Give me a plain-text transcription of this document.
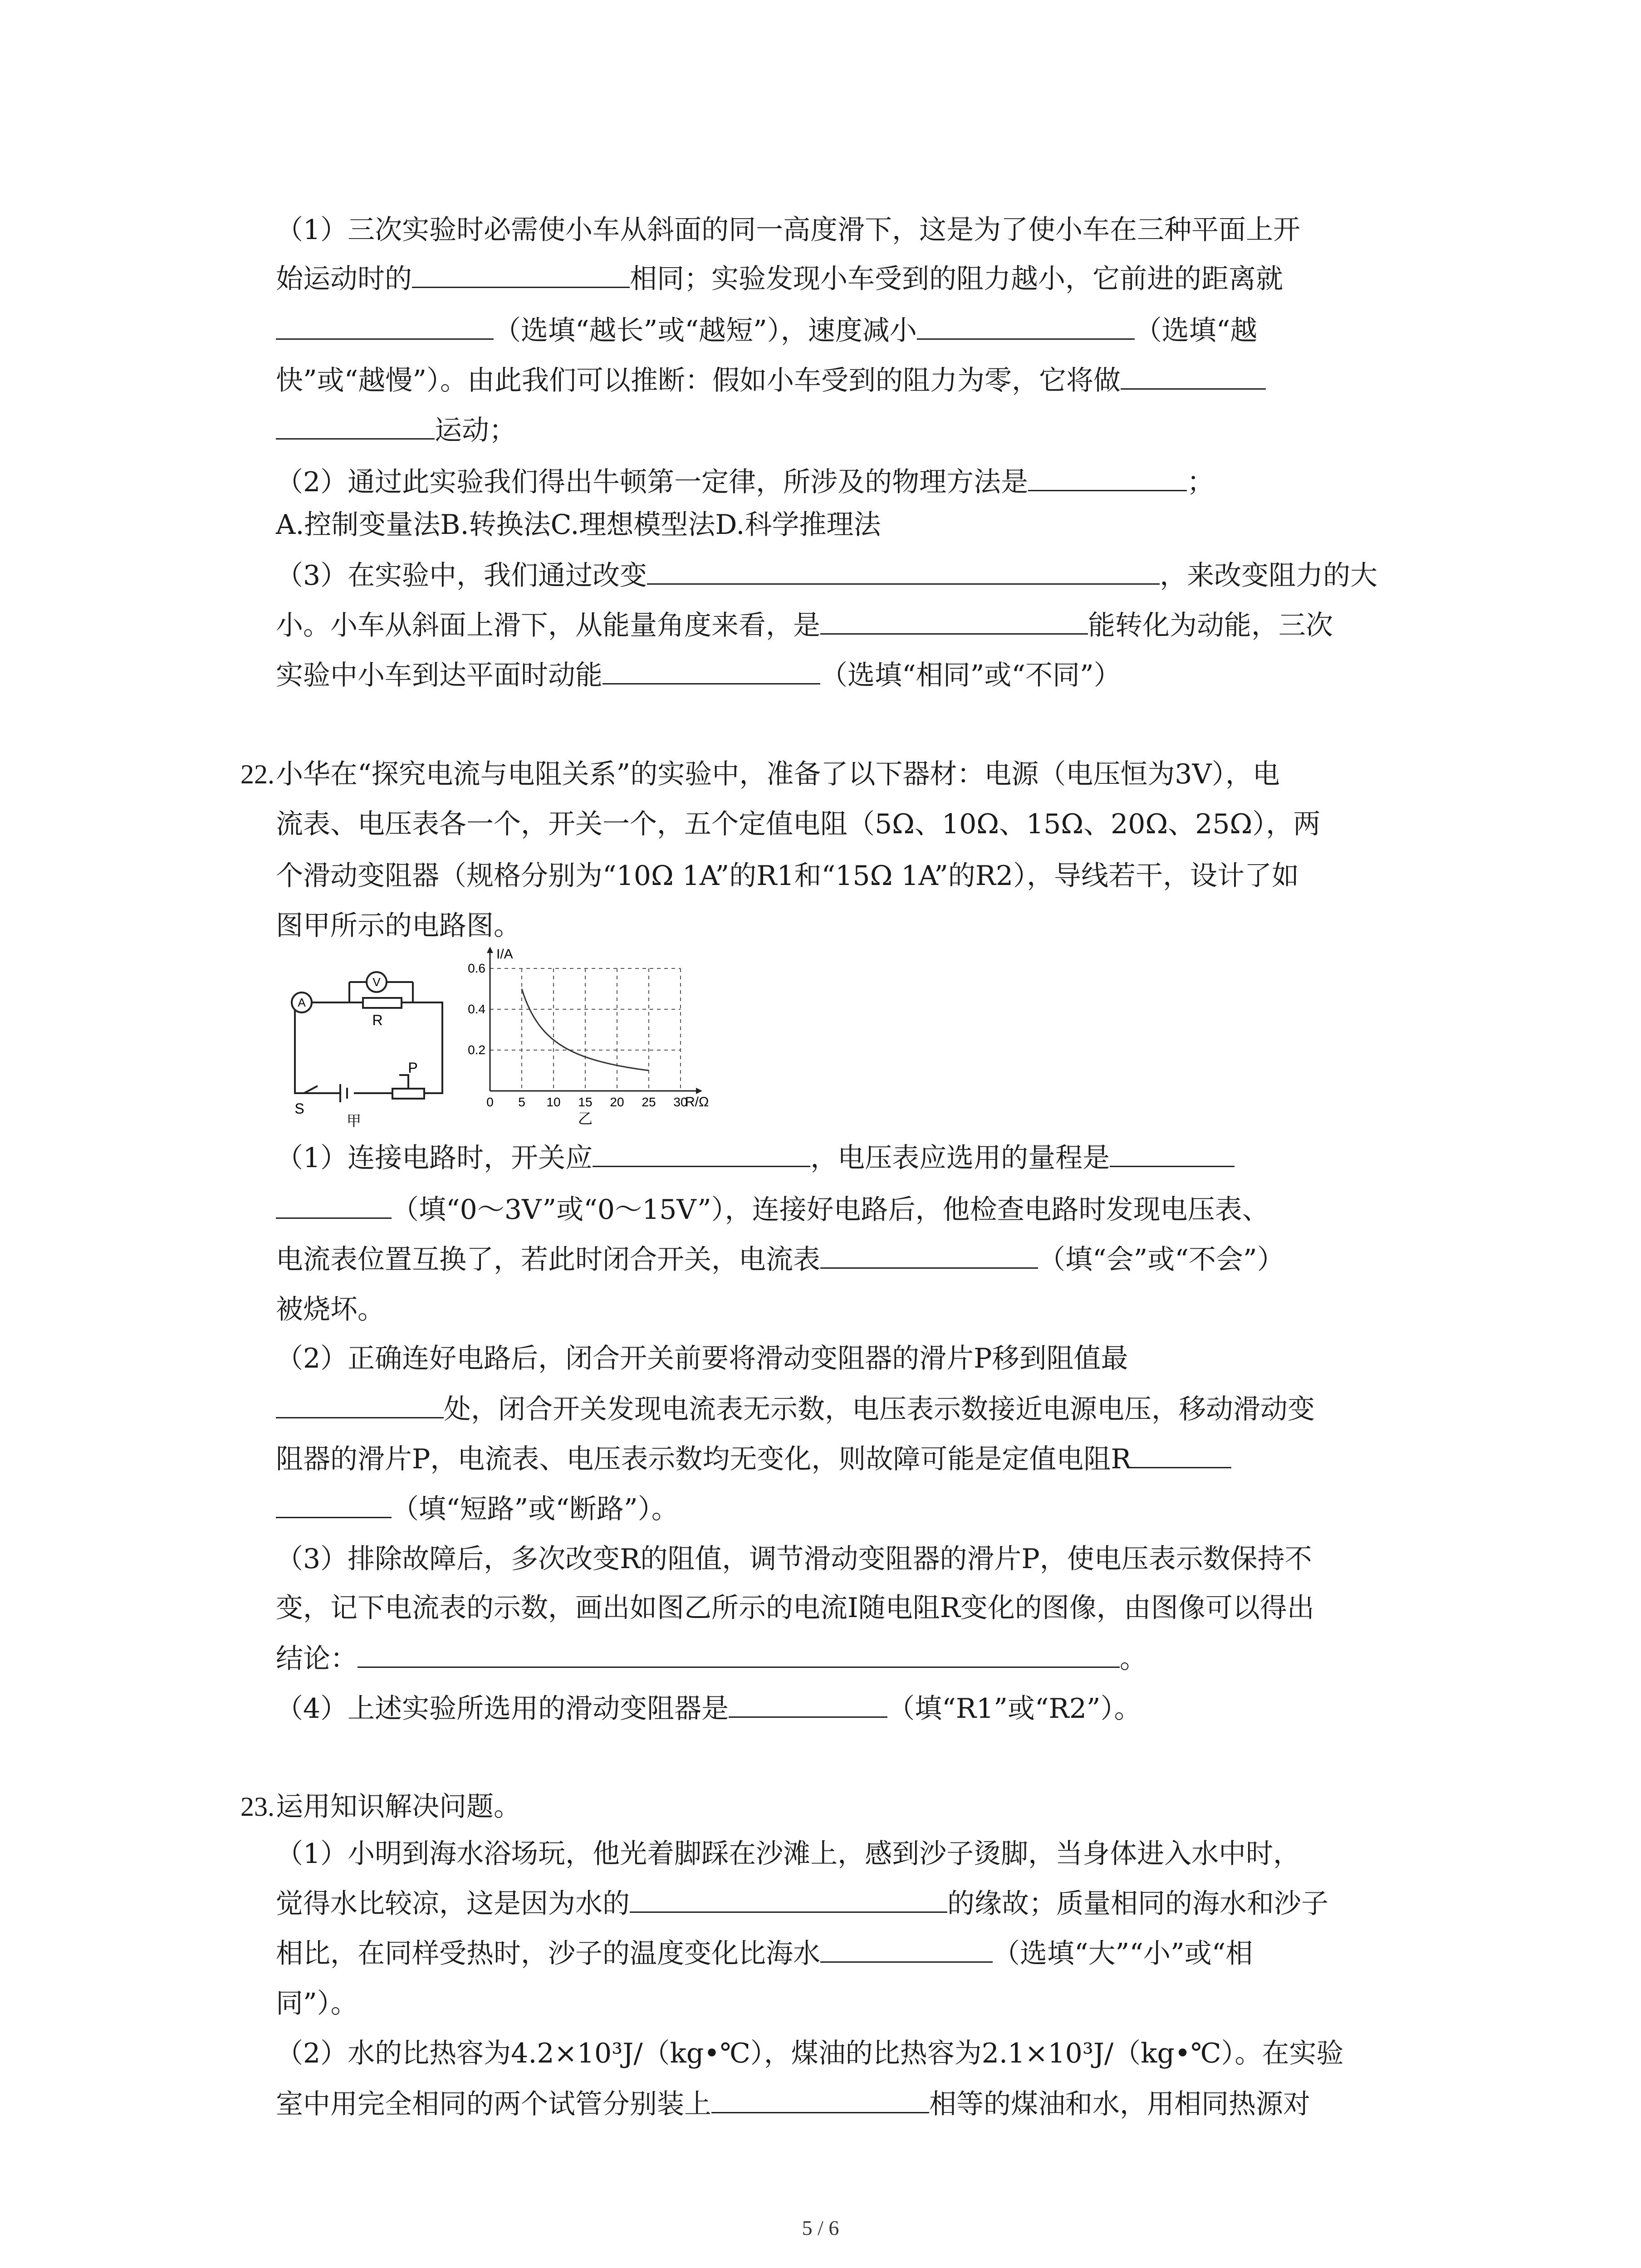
（1）三次实验时必需使小车从斜面的同一高度滑下，这是为了使小车在三种平面上开
始运动时的	相同；实验发现小车受到的阻力越小，它前进的距离就
（选填“越长”或“越短”），速度减小	（选填“越
快”或“越慢”）。由此我们可以推断：假如小车受到的阻力为零，它将做
运动；
（2）通过此实验我们得出牛顿第一定律，所涉及的物理方法是	；
A.控制变量法B.转换法C.理想模型法D.科学推理法
（3）在实验中，我们通过改变	，来改变阻力的大
小。小车从斜面上滑下，从能量角度来看，是	能转化为动能，三次
实验中小车到达平面时动能	（选填“相同”或“不同”）
22. 小华在“探究电流与电阻关系”的实验中，准备了以下器材：电源（电压恒为3V），电
流表、电压表各一个，开关一个，五个定值电阻（5Ω、10Ω、15Ω、20Ω、25Ω），两
个滑动变阻器（规格分别为“10Ω 1A”的R1和“15Ω 1A”的R2），导线若干，设计了如
图甲所示的电路图。
A
V
R
S
P
甲
0 5 10 15 20 25 30
0.2
0.4
0.6
I/A
R/Ω
乙
（1）连接电路时，开关应	，电压表应选用的量程是
（填“0～3V”或“0～15V”），连接好电路后，他检查电路时发现电压表、
电流表位置互换了，若此时闭合开关，电流表	（填“会”或“不会”）
被烧坏。
（2）正确连好电路后，闭合开关前要将滑动变阻器的滑片P移到阻值最
处，闭合开关发现电流表无示数，电压表示数接近电源电压，移动滑动变
阻器的滑片P，电流表、电压表示数均无变化，则故障可能是定值电阻R
（填“短路”或“断路”）。
（3）排除故障后，多次改变R的阻值，调节滑动变阻器的滑片P，使电压表示数保持不
变，记下电流表的示数，画出如图乙所示的电流I随电阻R变化的图像，由图像可以得出
结论：	。
（4）上述实验所选用的滑动变阻器是	（填“R1”或“R2”）。
23. 运用知识解决问题。
（1）小明到海水浴场玩，他光着脚踩在沙滩上，感到沙子烫脚，当身体进入水中时，
觉得水比较凉，这是因为水的	的缘故；质量相同的海水和沙子
相比，在同样受热时，沙子的温度变化比海水	（选填“大”“小”或“相
同”）。
（2）水的比热容为4.2×10³J/（kg•℃），煤油的比热容为2.1×10³J/（kg•℃）。在实验
室中用完全相同的两个试管分别装上	相等的煤油和水，用相同热源对
5 / 6
